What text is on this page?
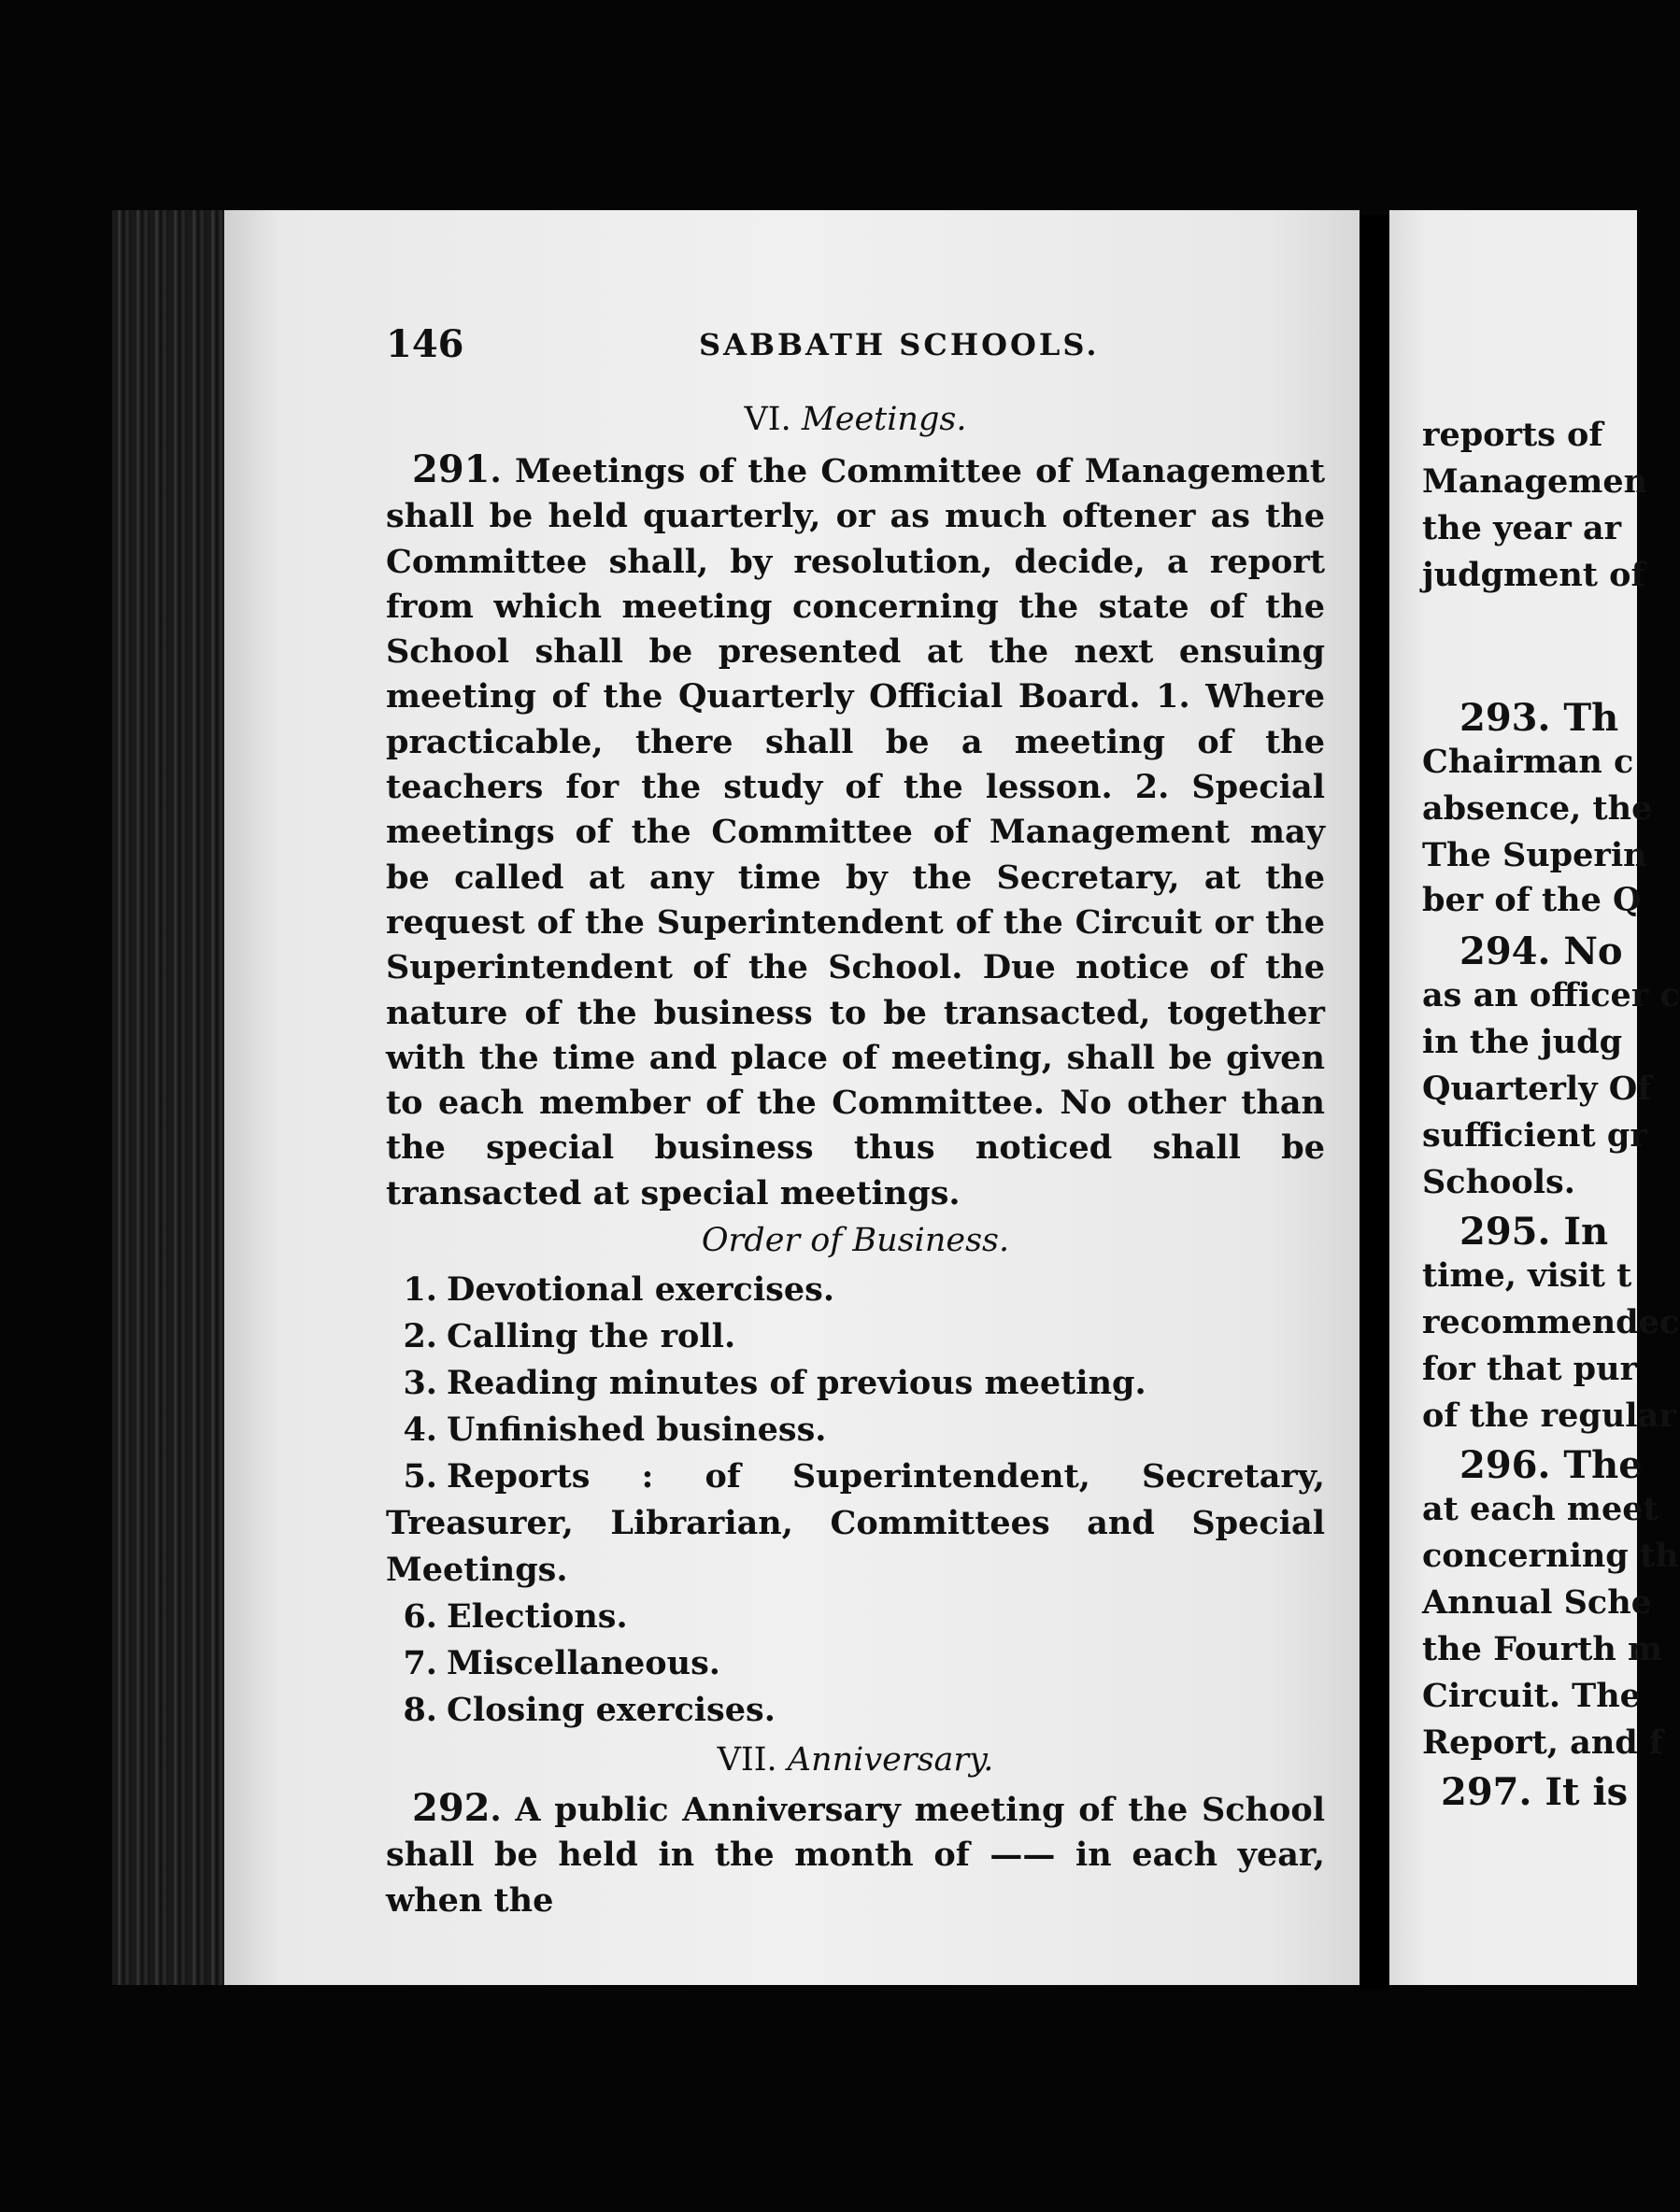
146	SABBATH SCHOOLS.
VI. Meetings.
291. Meetings of the Committee of Management shall be held quarterly, or as much oftener as the Committee shall, by resolution, decide, a report from which meeting concerning the state of the School shall be presented at the next ensuing meeting of the Quarterly Official Board. 1. Where practicable, there shall be a meeting of the teachers for the study of the lesson. 2. Special meetings of the Committee of Management may be called at any time by the Secretary, at the request of the Superintendent of the Circuit or the Superintendent of the School. Due notice of the nature of the business to be transacted, together with the time and place of meeting, shall be given to each member of the Committee. No other than the special business thus noticed shall be transacted at special meetings.
Order of Business.
1. Devotional exercises.
2. Calling the roll.
3. Reading minutes of previous meeting.
4. Unfinished business.
5. Reports : of Superintendent, Secretary, Treasurer, Librarian, Committees and Special Meetings.
6. Elections.
7. Miscellaneous.
8. Closing exercises.
VII. Anniversary.
292. A public Anniversary meeting of the School shall be held in the month of —— in each year, when the
reports of
Managemen
the year ar
judgment of
293. Th
Chairman c
absence, the
The Superin
ber of the Q
294. No
as an officer c
in the judg
Quarterly Of
sufficient gr
Schools.
295. In
time, visit t
recommendec
for that pur
of the regular
296. The
at each meet
concerning th
Annual Sche
the Fourth m
Circuit. The
Report, and f
297. It is
